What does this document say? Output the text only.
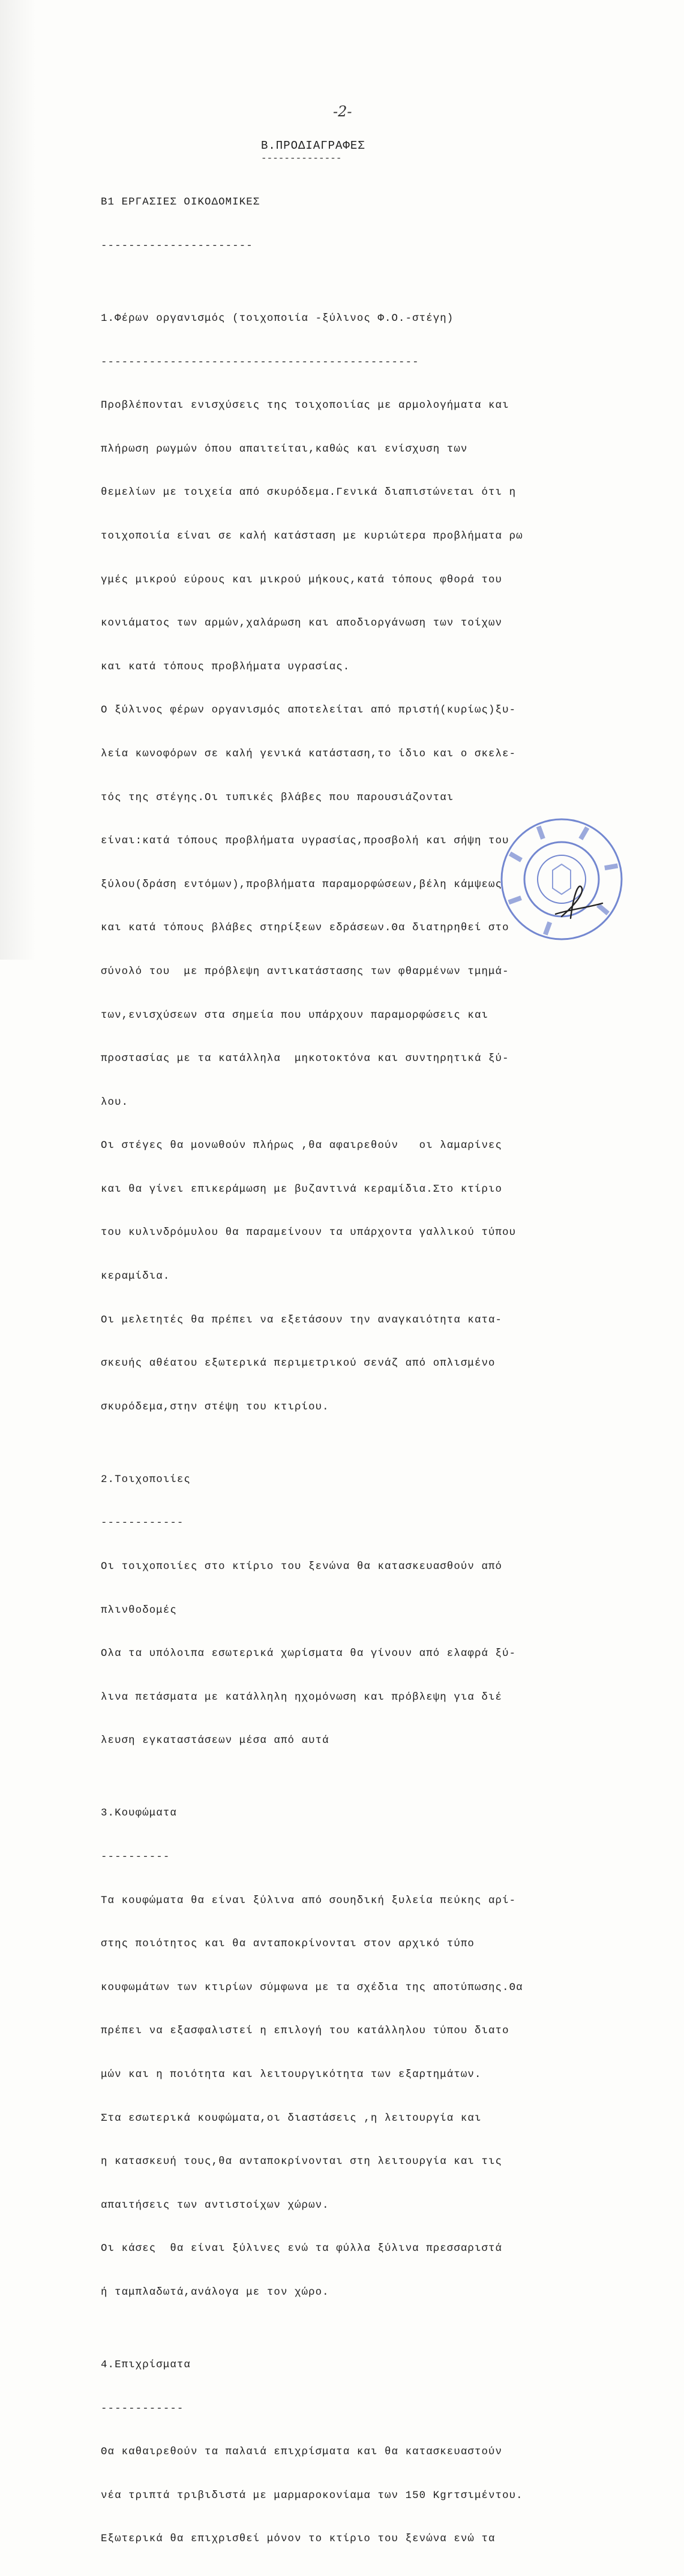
-2-
Β.ΠΡΟΔΙΑΓΡΑΦΕΣ
--------------

Β1 ΕΡΓΑΣΙΕΣ ΟΙΚΟΔΟΜΙΚΕΣ

----------------------

1.Φέρων οργανισμός (τοιχοποιία -ξύλινος Φ.Ο.-στέγη)

----------------------------------------------

Προβλέπονται ενισχύσεις της τοιχοποιίας με αρμολογήματα και

πλήρωση ρωγμών όπου απαιτείται,καθώς και ενίσχυση των

θεμελίων με τοιχεία από σκυρόδεμα.Γενικά διαπιστώνεται ότι η

τοιχοποιία είναι σε καλή κατάσταση με κυριώτερα προβλήματα ρω

γμές μικρού εύρους και μικρού μήκους,κατά τόπους φθορά του

κονιάματος των αρμών,χαλάρωση και αποδιοργάνωση των τοίχων

και κατά τόπους προβλήματα υγρασίας.

Ο ξύλινος φέρων οργανισμός αποτελείται από πριστή(κυρίως)ξυ-

λεία κωνοφόρων σε καλή γενικά κατάσταση,το ίδιο και ο σκελε-

τός της στέγης.Οι τυπικές βλάβες που παρουσιάζονται

είναι:κατά τόπους προβλήματα υγρασίας,προσβολή και σήψη του

ξύλου(δράση εντόμων),προβλήματα παραμορφώσεων,βέλη κάμψεως

και κατά τόπους βλάβες στηρίξεων εδράσεων.Θα διατηρηθεί στο

σύνολό του  με πρόβλεψη αντικατάστασης των φθαρμένων τμημά-

των,ενισχύσεων στα σημεία που υπάρχουν παραμορφώσεις και

προστασίας με τα κατάλληλα  μηκοτοκτόνα και συντηρητικά ξύ-

λου.

Οι στέγες θα μονωθούν πλήρως ,θα αφαιρεθούν   οι λαμαρίνες

και θα γίνει επικεράμωση με βυζαντινά κεραμίδια.Στο κτίριο

του κυλινδρόμυλου θα παραμείνουν τα υπάρχοντα γαλλικού τύπου

κεραμίδια.

Οι μελετητές θα πρέπει να εξετάσουν την αναγκαιότητα κατα-

σκευής αθέατου εξωτερικά περιμετρικού σενάζ από οπλισμένο

σκυρόδεμα,στην στέψη του κτιρίου.

2.Τοιχοποιίες

------------

Οι τοιχοποιίες στο κτίριο του ξενώνα θα κατασκευασθούν από

πλινθοδομές

Ολα τα υπόλοιπα εσωτερικά χωρίσματα θα γίνουν από ελαφρά ξύ-

λινα πετάσματα με κατάλληλη ηχομόνωση και πρόβλεψη για διέ

λευση εγκαταστάσεων μέσα από αυτά

3.Κουφώματα

----------

Τα κουφώματα θα είναι ξύλινα από σουηδική ξυλεία πεύκης αρί-

στης ποιότητος και θα ανταποκρίνονται στον αρχικό τύπο

κουφωμάτων των κτιρίων σύμφωνα με τα σχέδια της αποτύπωσης.Θα

πρέπει να εξασφαλιστεί η επιλογή του κατάλληλου τύπου διατο

μών και η ποιότητα και λειτουργικότητα των εξαρτημάτων.

Στα εσωτερικά κουφώματα,οι διαστάσεις ,η λειτουργία και

η κατασκευή τους,θα ανταποκρίνονται στη λειτουργία και τις

απαιτήσεις των αντιστοίχων χώρων.

Οι κάσες  θα είναι ξύλινες ενώ τα φύλλα ξύλινα πρεσσαριστά

ή ταμπλαδωτά,ανάλογα με τον χώρο.

4.Επιχρίσματα

------------

Θα καθαιρεθούν τα παλαιά επιχρίσματα και θα κατασκευαστούν

νέα τριπτά τριβιδιστά με μαρμαροκονίαμα των 150 Kgrτσιμέντου.

Εξωτερικά θα επιχρισθεί μόνον το κτίριο του ξενώνα ενώ τα
